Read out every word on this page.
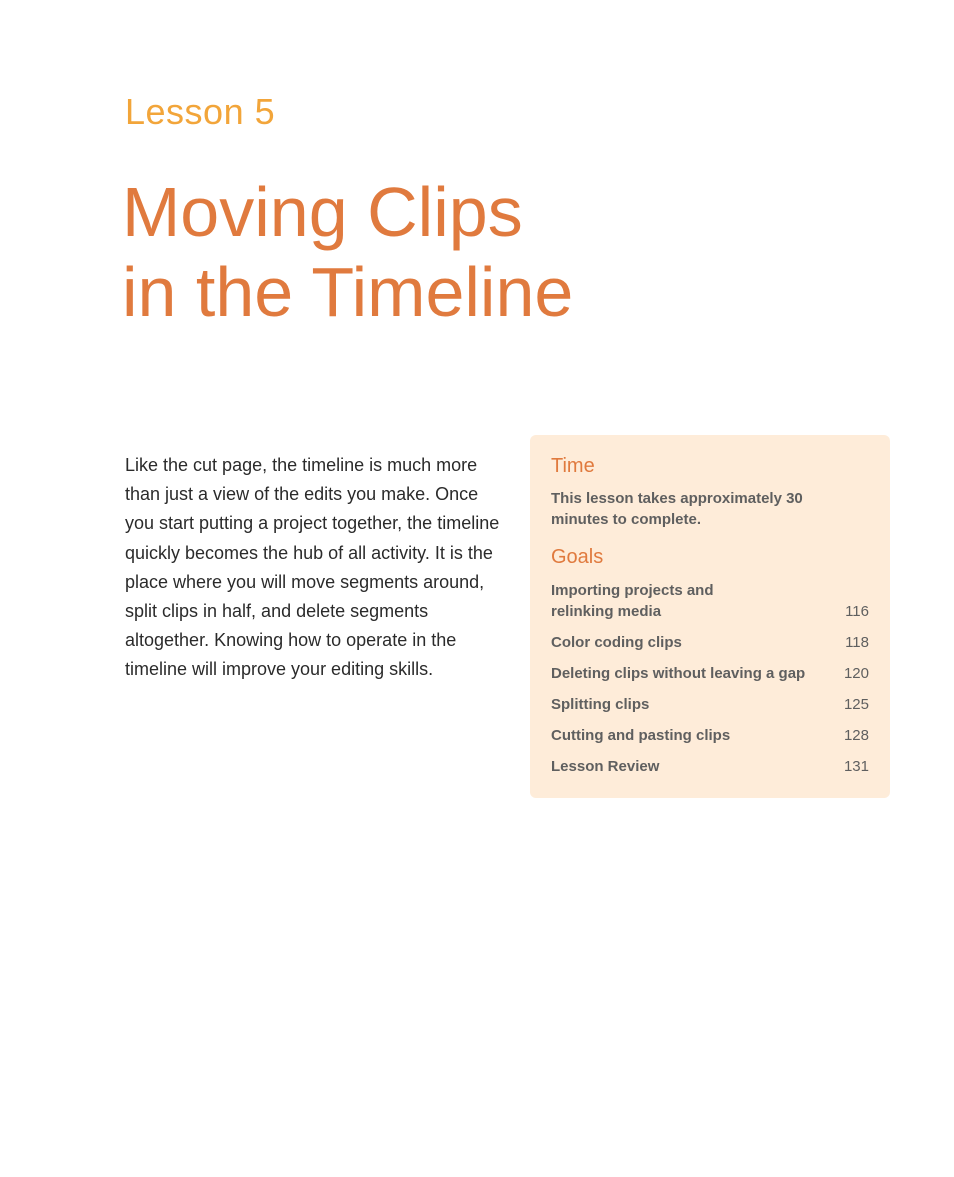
Lesson 5
Moving Clips
in the Timeline

Like the cut page, the timeline is much more than just a view of the edits you make. Once you start putting a project together, the timeline quickly becomes the hub of all activity. It is the place where you will move segments around, split clips in half, and delete segments altogether. Knowing how to operate in the timeline will improve your editing skills.

Time

This lesson takes approximately 30 minutes to complete.

Goals
Importing projects and
relinking media	116
Color coding clips	118
Deleting clips without leaving a gap	120
Splitting clips	125
Cutting and pasting clips	128
Lesson Review	131
